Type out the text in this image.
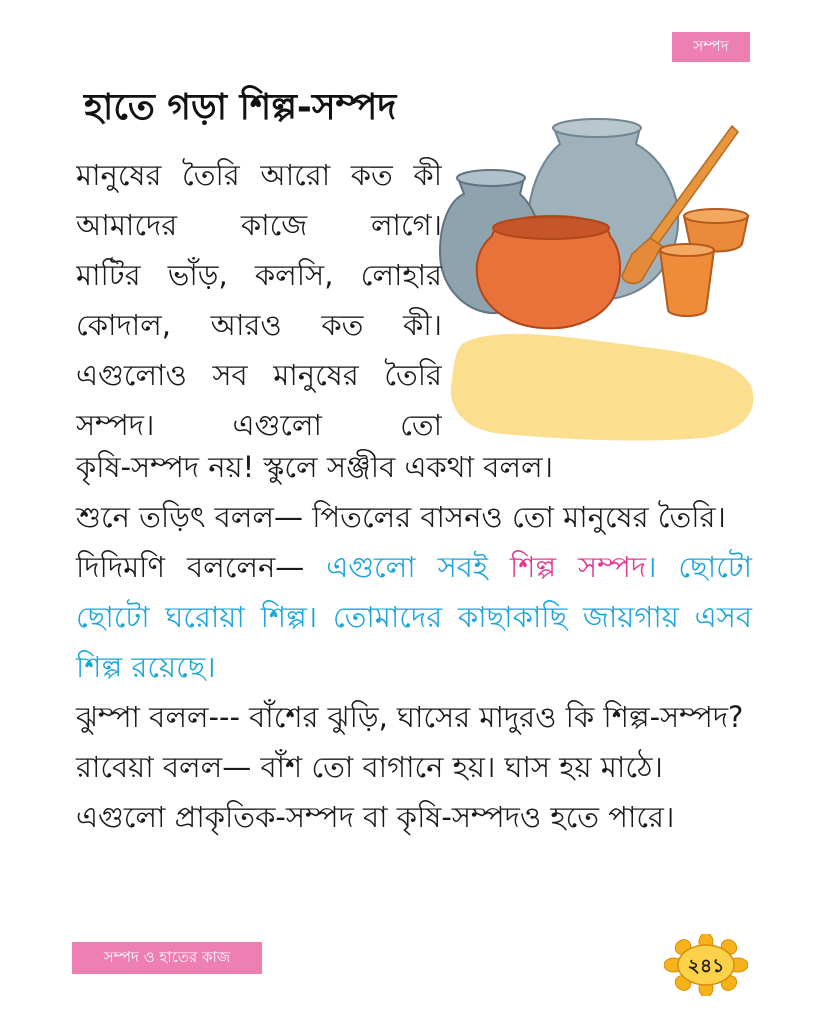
সম্পদ
হাতে গড়া শিল্প-সম্পদ
মানুষের তৈরি আরো কত কী
আমাদের কাজে লাগে।
মাটির ভাঁড়, কলসি, লোহার
কোদাল, আরও কত কী।
এগুলোও সব মানুষের তৈরি
সম্পদ। এগুলো তো

কৃষি-সম্পদ নয়! স্কুলে সঞ্জীব একথা বলল।

শুনে তড়িৎ বলল— পিতলের বাসনও তো মানুষের তৈরি।

দিদিমণি বললেন— এগুলো সবই শিল্প সম্পদ। ছোটো ছোটো ঘরোয়া শিল্প। তোমাদের কাছাকাছি জায়গায় এসব শিল্প রয়েছে।

ঝুম্পা বলল--- বাঁশের ঝুড়ি, ঘাসের মাদুরও কি শিল্প-সম্পদ?

রাবেয়া বলল— বাঁশ তো বাগানে হয়। ঘাস হয় মাঠে।

এগুলো প্রাকৃতিক-সম্পদ বা কৃষি-সম্পদও হতে পারে।

সম্পদ ও হাতের কাজ	২৪১
